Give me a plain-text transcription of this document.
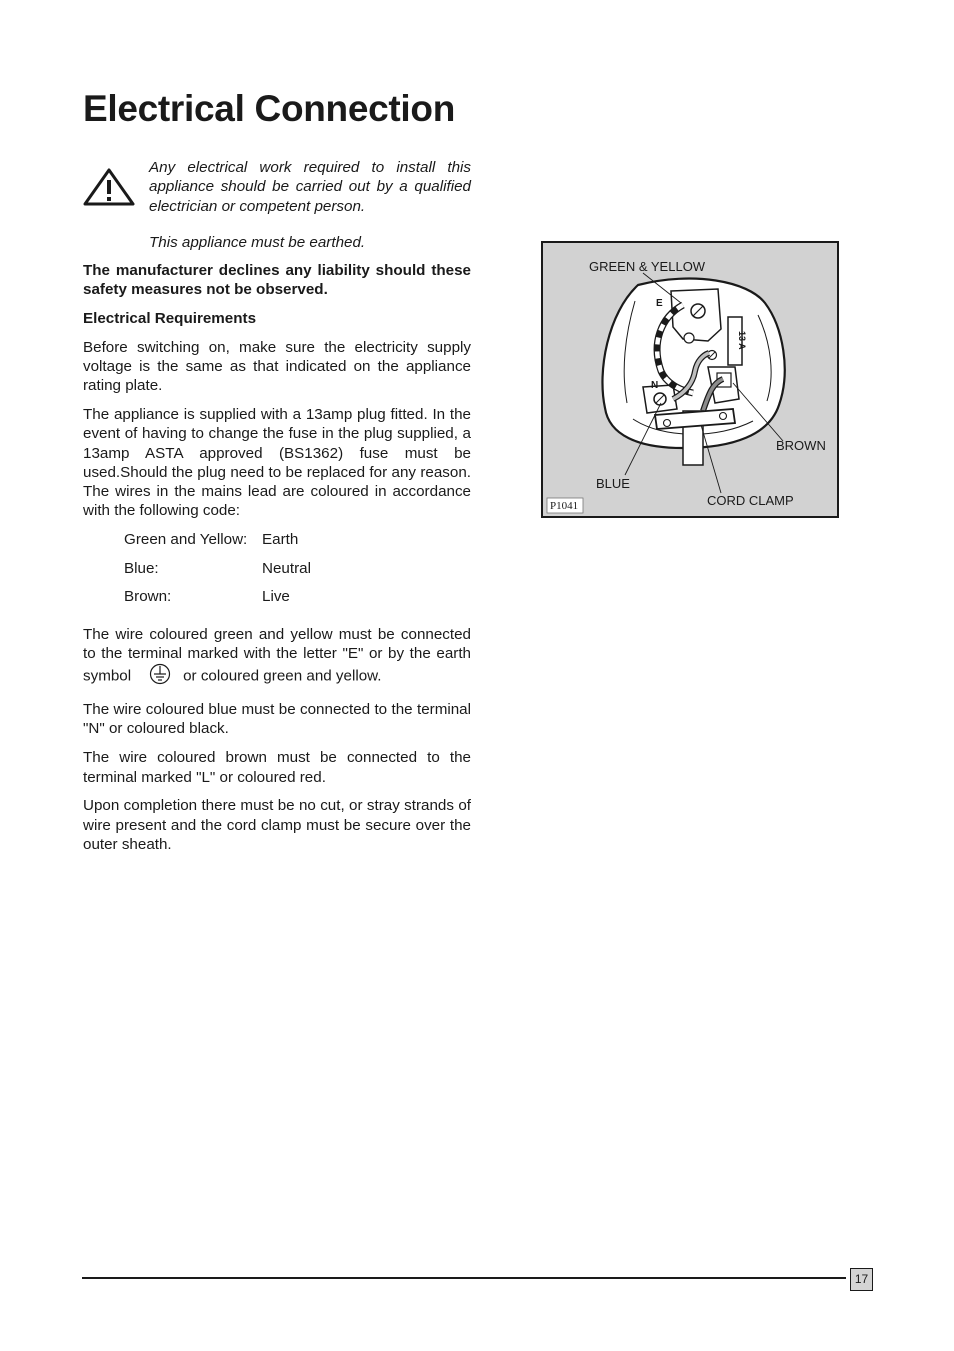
Electrical Connection

Any electrical work required to install this appliance should be carried out by a qualified electrician or competent person.

This appliance must be earthed.

The manufacturer declines any liability should these safety measures not be observed.

Electrical Requirements

Before switching on, make sure the electricity supply voltage is the same as that indicated on the appliance rating plate.

The appliance is supplied with a 13amp plug fitted. In the event of having to change the fuse in the plug supplied, a 13amp ASTA approved (BS1362) fuse must be used.Should the plug need to be replaced for any reason. The wires in the mains lead are coloured in accordance with the following code:

Green and Yellow: Earth
Blue:	Neutral
Brown:	Live

The wire coloured green and yellow must be connected to the terminal marked with the letter "E" or by the earth symbol	or coloured green and yellow.

The wire coloured blue must be connected to the terminal "N" or coloured black.

The wire coloured brown must be connected to the terminal marked "L" or coloured red.

Upon completion there must be no cut, or stray strands of wire present and the cord clamp must be secure over the outer sheath.

GREEN & YELLOW
BROWN
BLUE
CORD CLAMP
E
N
13 A
P1041
17
